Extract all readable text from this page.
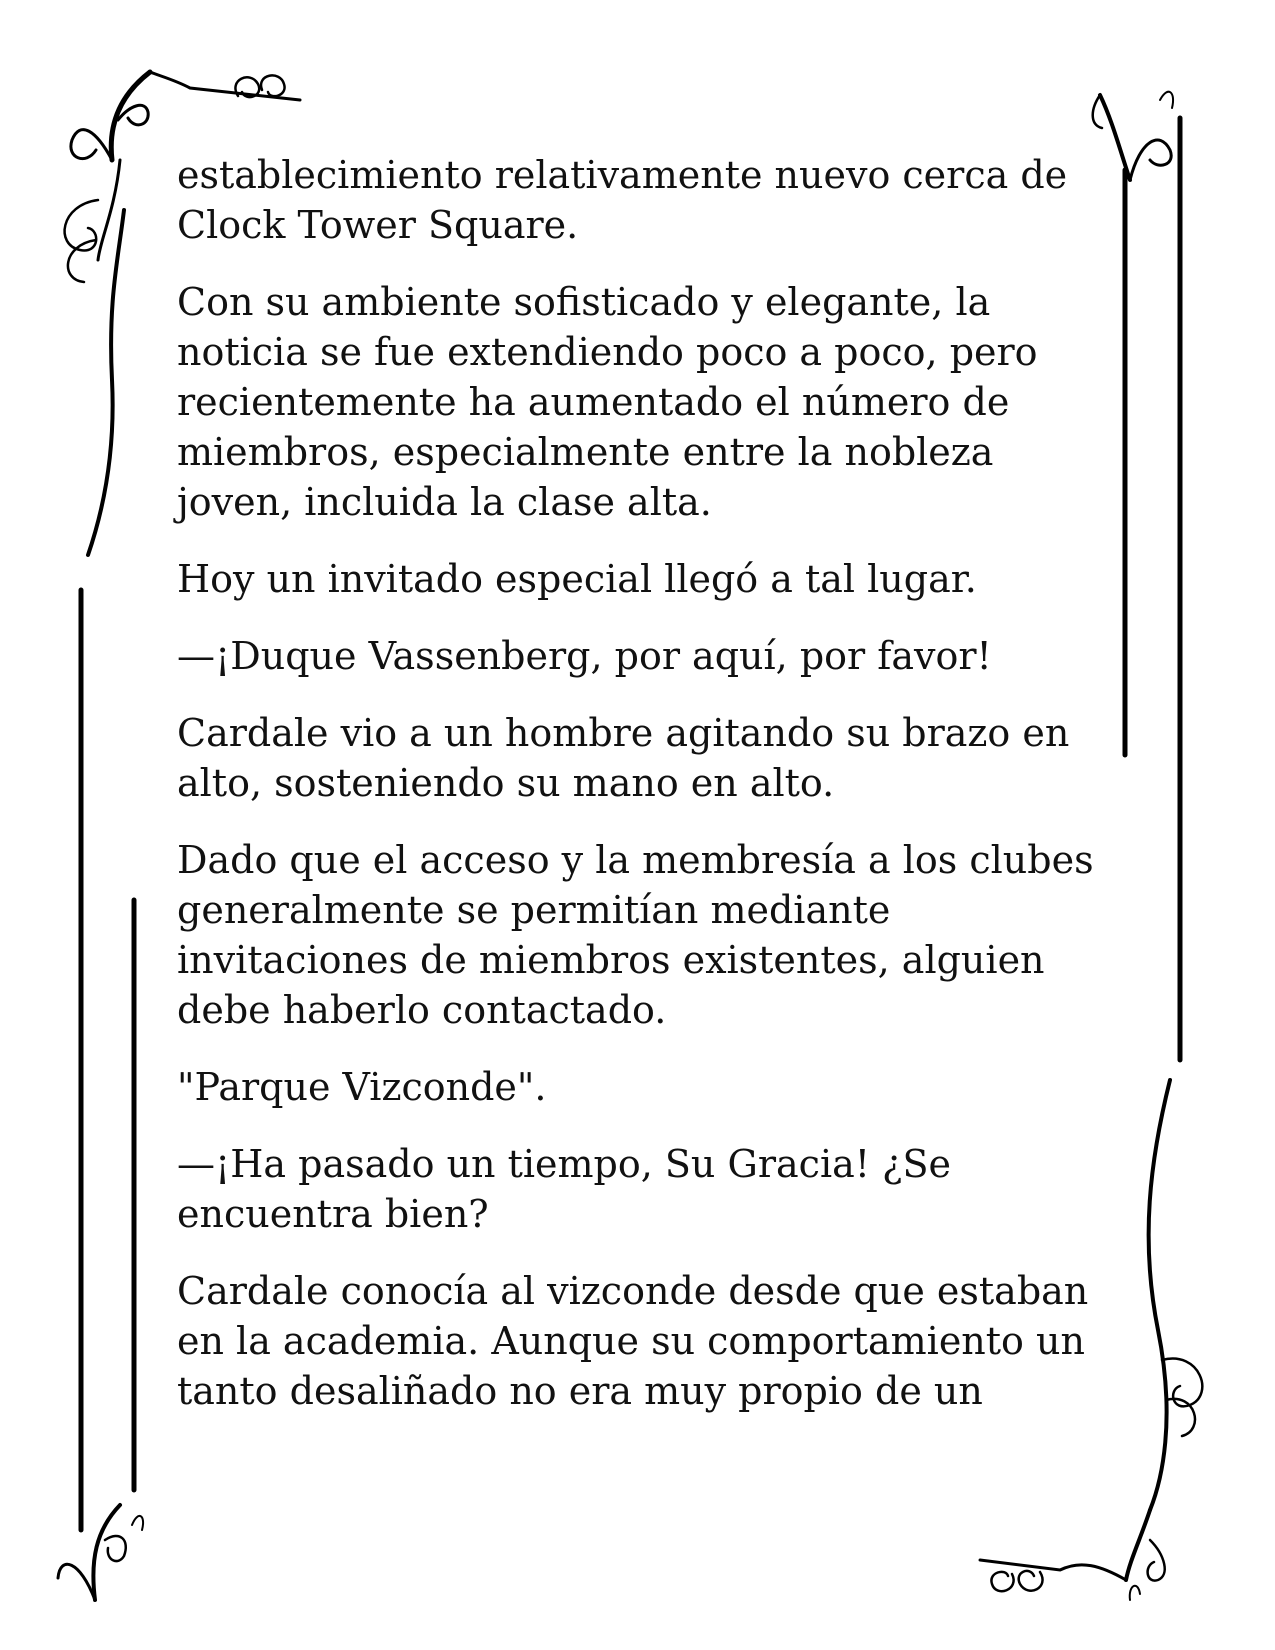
establecimiento relativamente nuevo cerca de
Clock Tower Square.

Con su ambiente sofisticado y elegante, la
noticia se fue extendiendo poco a poco, pero
recientemente ha aumentado el número de
miembros, especialmente entre la nobleza
joven, incluida la clase alta.

Hoy un invitado especial llegó a tal lugar.

—¡Duque Vassenberg, por aquí, por favor!

Cardale vio a un hombre agitando su brazo en
alto, sosteniendo su mano en alto.

Dado que el acceso y la membresía a los clubes
generalmente se permitían mediante
invitaciones de miembros existentes, alguien
debe haberlo contactado.

"Parque Vizconde".

—¡Ha pasado un tiempo, Su Gracia! ¿Se
encuentra bien?

Cardale conocía al vizconde desde que estaban
en la academia. Aunque su comportamiento un
tanto desaliñado no era muy propio de un
